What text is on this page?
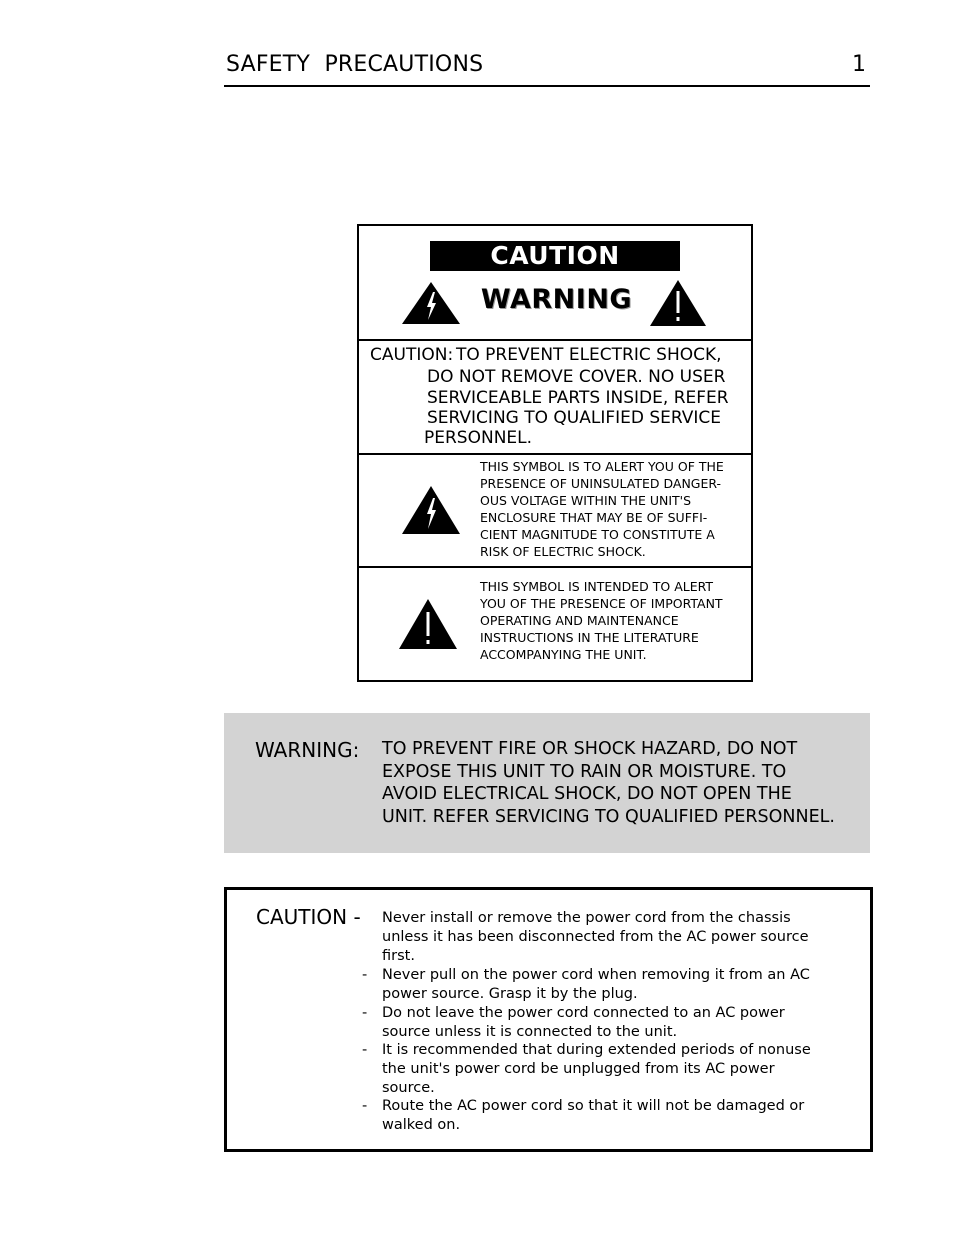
SAFETY  PRECAUTIONS	1
CAUTION
WARNING
CAUTION: TO PREVENT ELECTRIC SHOCK,
DO NOT REMOVE COVER. NO USER
SERVICEABLE PARTS INSIDE, REFER
SERVICING TO QUALIFIED SERVICE
PERSONNEL.
THIS SYMBOL IS TO ALERT YOU OF THE
PRESENCE OF UNINSULATED DANGER-
OUS VOLTAGE WITHIN THE UNIT'S
ENCLOSURE THAT MAY BE OF SUFFI-
CIENT MAGNITUDE TO CONSTITUTE A
RISK OF ELECTRIC SHOCK.
THIS SYMBOL IS INTENDED TO ALERT
YOU OF THE PRESENCE OF IMPORTANT
OPERATING AND MAINTENANCE
INSTRUCTIONS IN THE LITERATURE
ACCOMPANYING THE UNIT.
WARNING: TO PREVENT FIRE OR SHOCK HAZARD, DO NOT
EXPOSE THIS UNIT TO RAIN OR MOISTURE. TO
AVOID ELECTRICAL SHOCK, DO NOT OPEN THE
UNIT. REFER SERVICING TO QUALIFIED PERSONNEL.
CAUTION - Never install or remove the power cord from the chassis
unless it has been disconnected from the AC power source
first.
- Never pull on the power cord when removing it from an AC
power source. Grasp it by the plug.
- Do not leave the power cord connected to an AC power
source unless it is connected to the unit.
- It is recommended that during extended periods of nonuse
the unit's power cord be unplugged from its AC power
source.
- Route the AC power cord so that it will not be damaged or
walked on.
